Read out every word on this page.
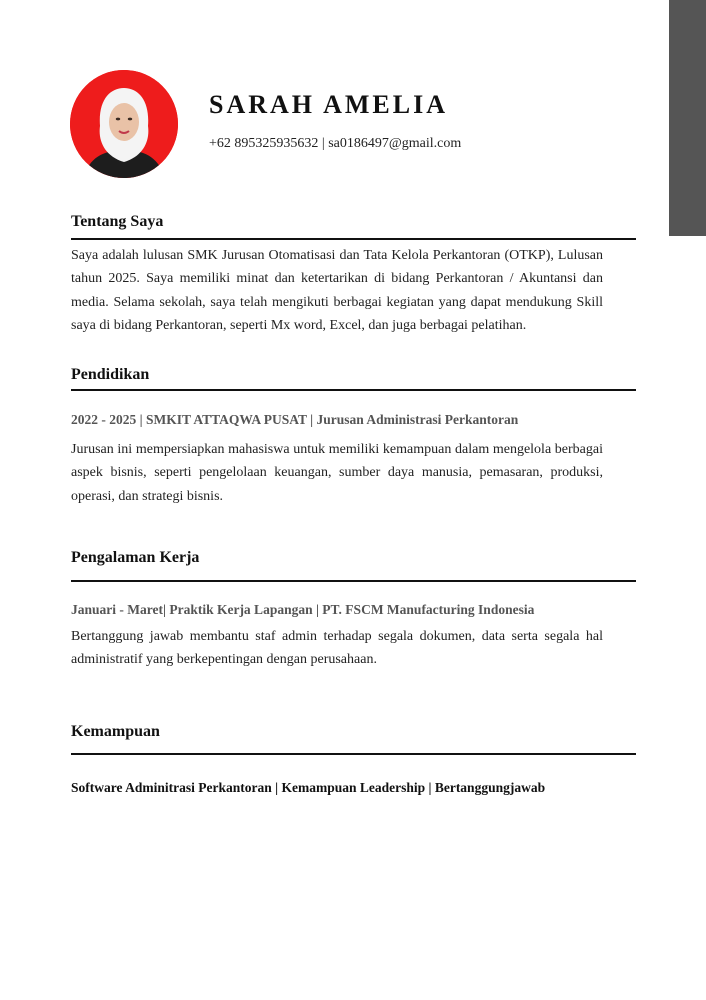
SARAH AMELIA
+62 895325935632 | sa0186497@gmail.com
Tentang Saya
Saya adalah lulusan SMK Jurusan Otomatisasi dan Tata Kelola Perkantoran (OTKP), Lulusan tahun 2025. Saya memiliki minat dan ketertarikan di bidang Perkantoran / Akuntansi dan media. Selama sekolah, saya telah mengikuti berbagai kegiatan yang dapat mendukung Skill saya di bidang Perkantoran, seperti Mx word, Excel, dan juga berbagai pelatihan.
Pendidikan
2022 - 2025 | SMKIT ATTAQWA PUSAT | Jurusan Administrasi Perkantoran
Jurusan ini mempersiapkan mahasiswa untuk memiliki kemampuan dalam mengelola berbagai aspek bisnis, seperti pengelolaan keuangan, sumber daya manusia, pemasaran, produksi, operasi, dan strategi bisnis.
Pengalaman Kerja
Januari - Maret| Praktik Kerja Lapangan | PT. FSCM Manufacturing Indonesia
Bertanggung jawab membantu staf admin terhadap segala dokumen, data serta segala hal administratif yang berkepentingan dengan perusahaan.
Kemampuan
Software Adminitrasi Perkantoran | Kemampuan Leadership | Bertanggungjawab
